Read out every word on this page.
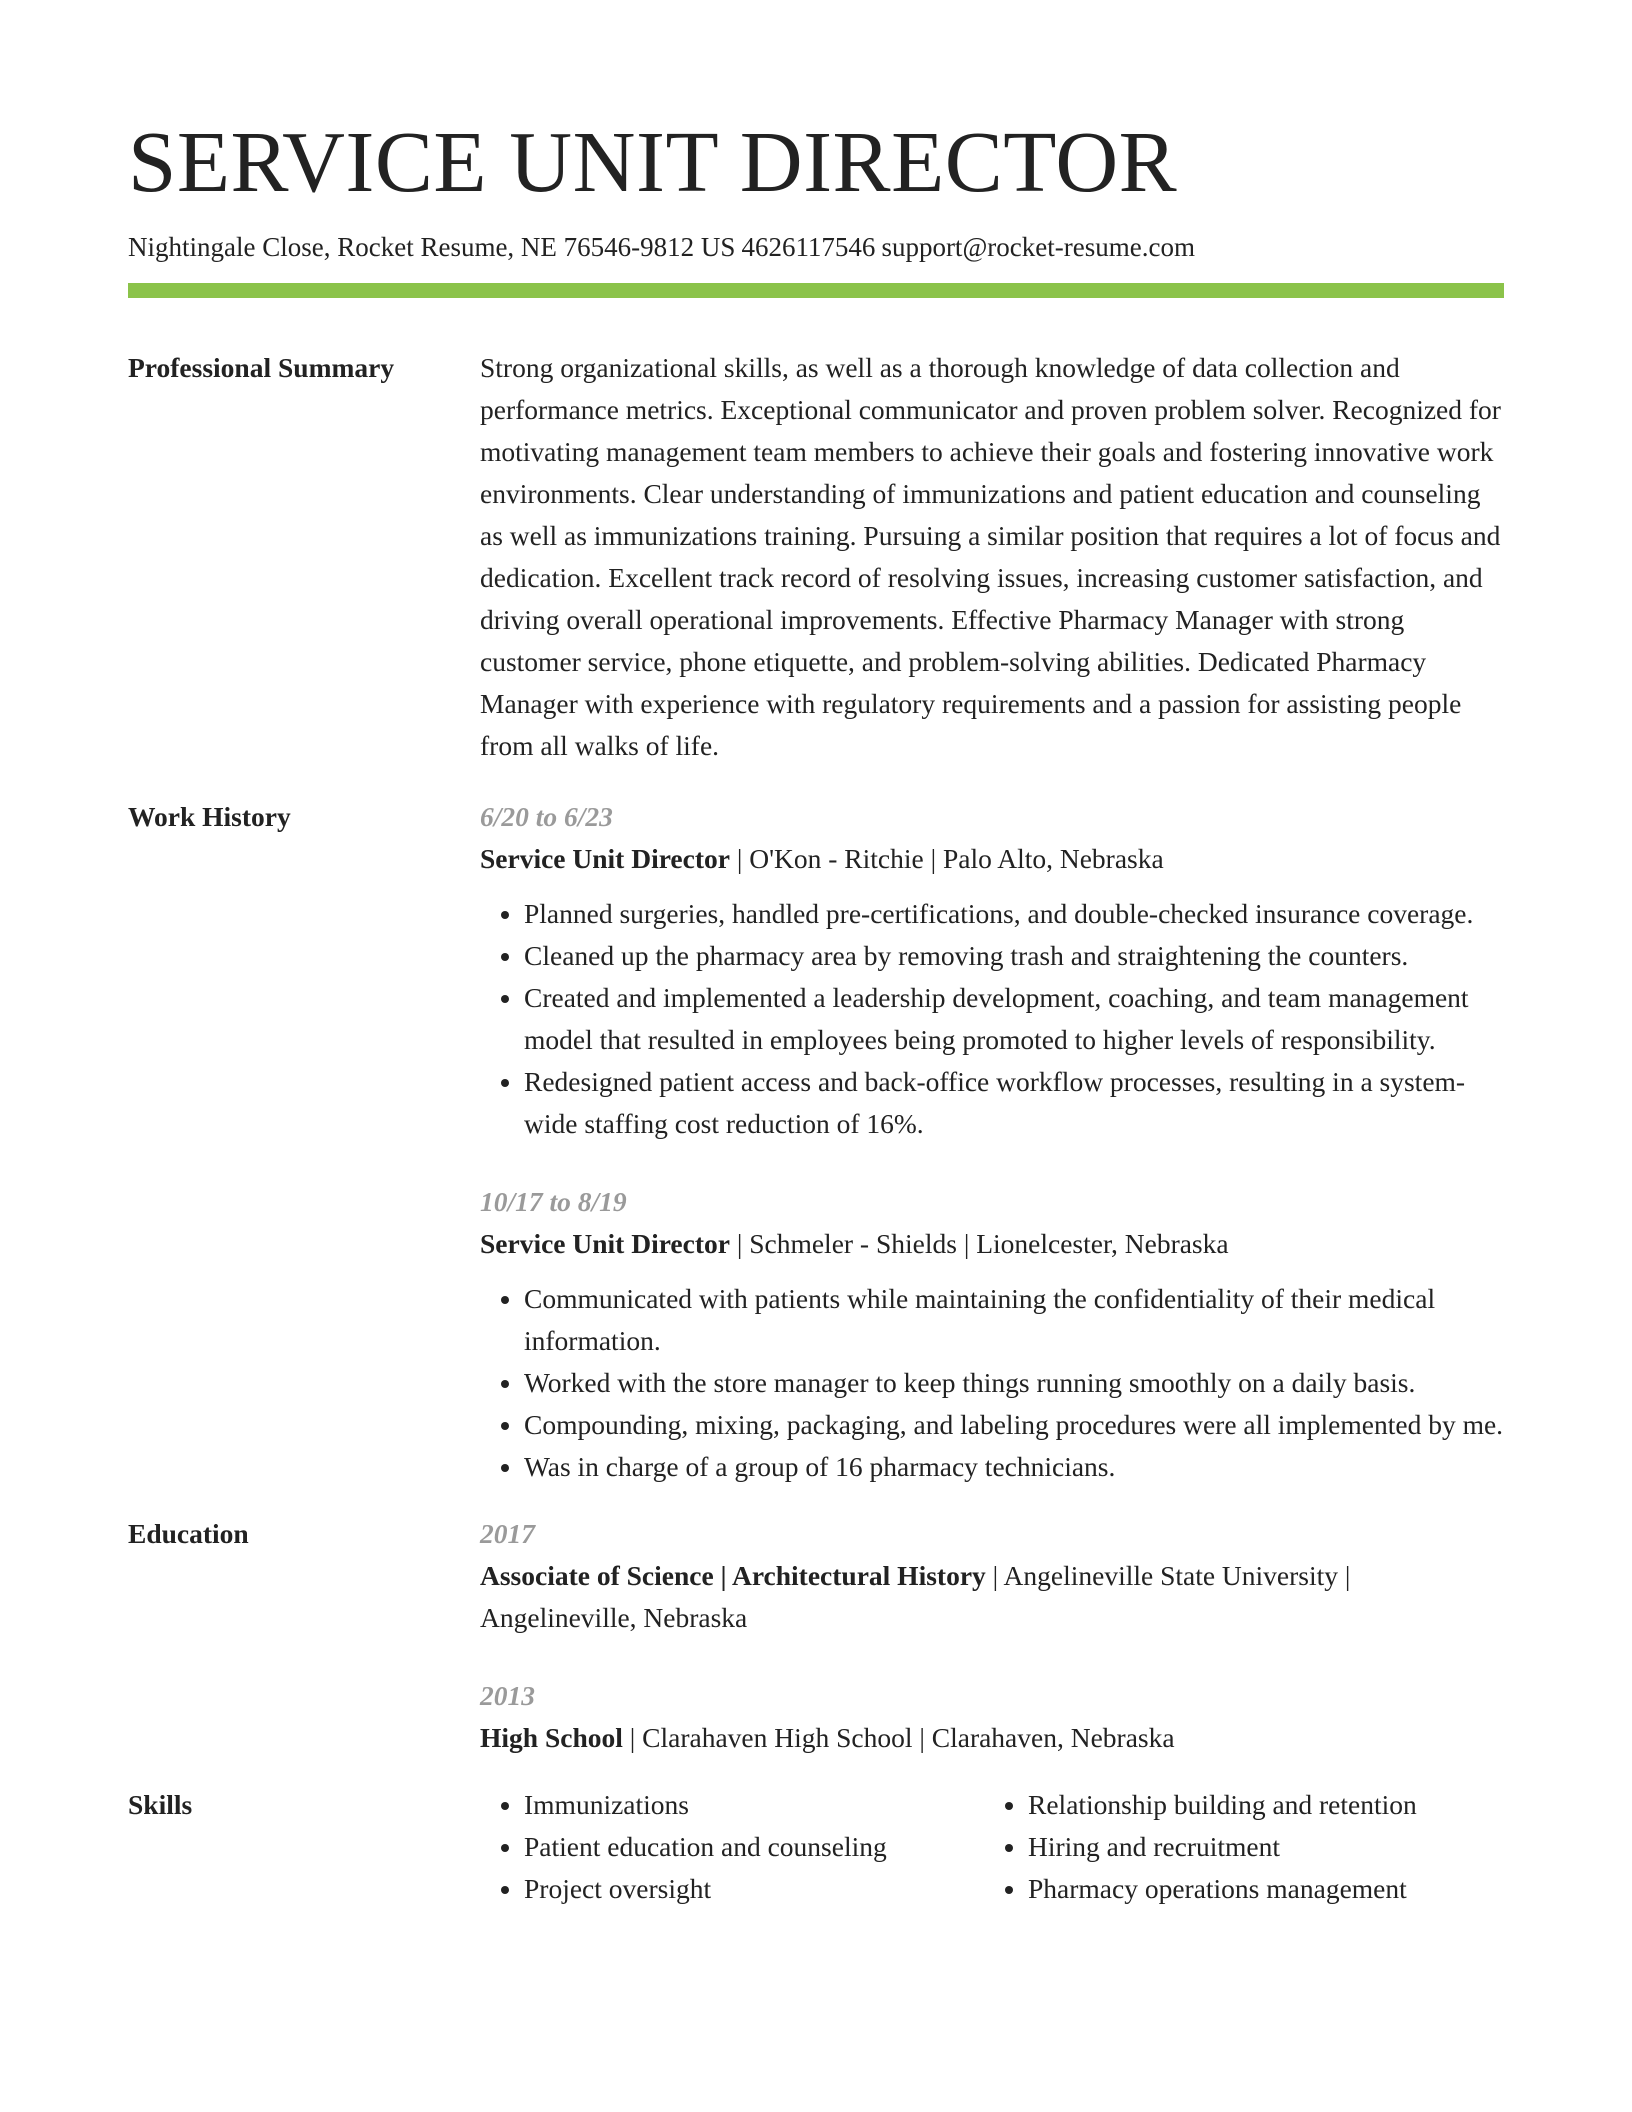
SERVICE UNIT DIRECTOR
Nightingale Close, Rocket Resume, NE 76546-9812 US 4626117546 support@rocket-resume.com
Professional Summary	Strong organizational skills, as well as a thorough knowledge of data collection and performance metrics. Exceptional communicator and proven problem solver. Recognized for motivating management team members to achieve their goals and fostering innovative work environments. Clear understanding of immunizations and patient education and counseling as well as immunizations training. Pursuing a similar position that requires a lot of focus and dedication. Excellent track record of resolving issues, increasing customer satisfaction, and driving overall operational improvements. Effective Pharmacy Manager with strong customer service, phone etiquette, and problem-solving abilities. Dedicated Pharmacy Manager with experience with regulatory requirements and a passion for assisting people from all walks of life.
Work History	6/20 to 6/23
Service Unit Director | O'Kon - Ritchie | Palo Alto, Nebraska
• Planned surgeries, handled pre-certifications, and double-checked insurance coverage.
• Cleaned up the pharmacy area by removing trash and straightening the counters.
• Created and implemented a leadership development, coaching, and team management model that resulted in employees being promoted to higher levels of responsibility.
• Redesigned patient access and back-office workflow processes, resulting in a system-wide staffing cost reduction of 16%.
10/17 to 8/19
Service Unit Director | Schmeler - Shields | Lionelcester, Nebraska
• Communicated with patients while maintaining the confidentiality of their medical information.
• Worked with the store manager to keep things running smoothly on a daily basis.
• Compounding, mixing, packaging, and labeling procedures were all implemented by me.
• Was in charge of a group of 16 pharmacy technicians.
Education	2017
Associate of Science | Architectural History | Angelineville State University | Angelineville, Nebraska
2013
High School | Clarahaven High School | Clarahaven, Nebraska
Skills
•	Immunizations
• Patient education and counseling
• Project oversight
• Relationship building and retention
• Hiring and recruitment
• Pharmacy operations management
